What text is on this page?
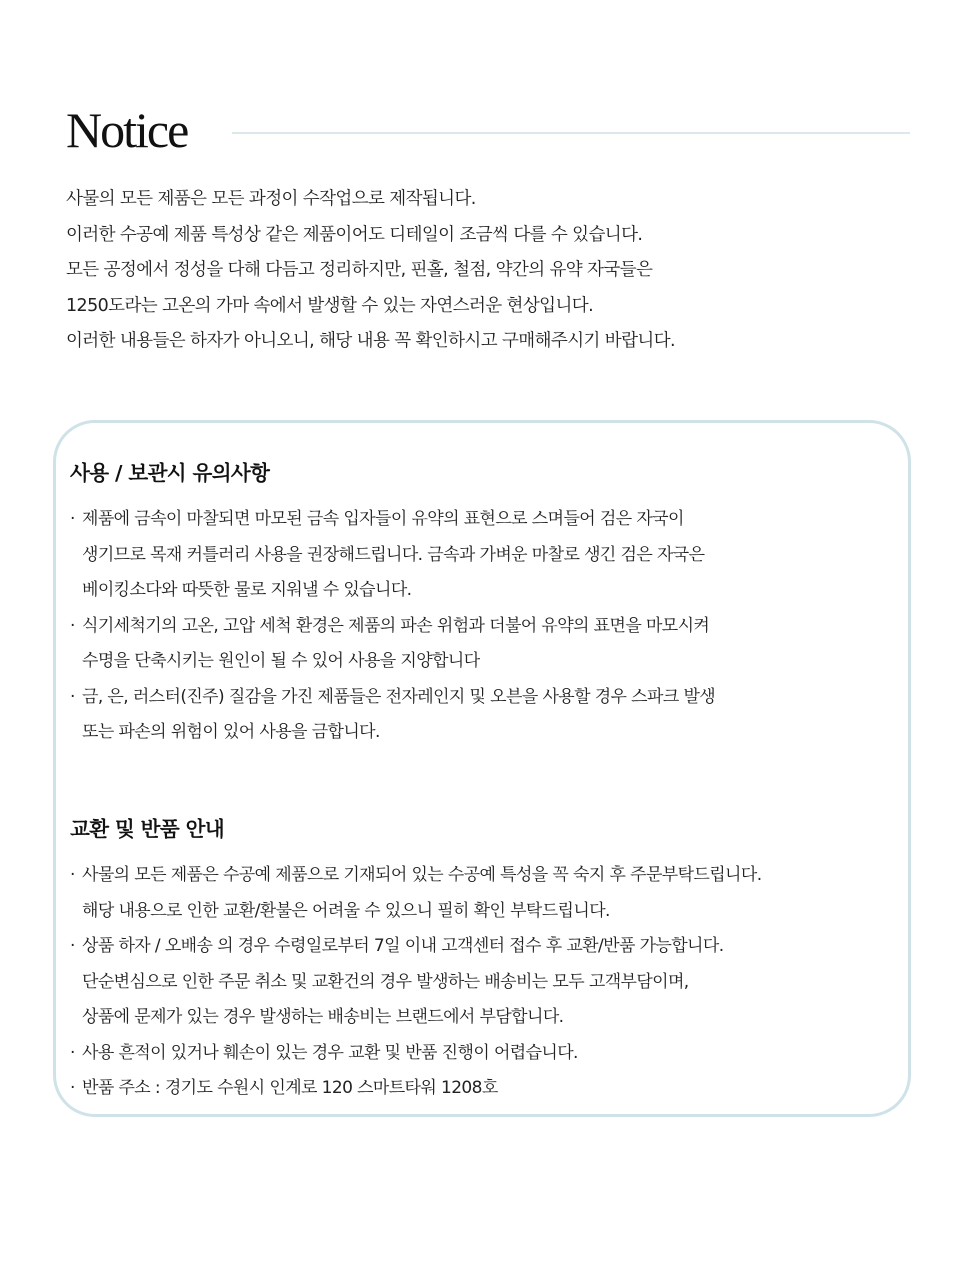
Notice
사물의 모든 제품은 모든 과정이 수작업으로 제작됩니다.
이러한 수공예 제품 특성상 같은 제품이어도 디테일이 조금씩 다를 수 있습니다.
모든 공정에서 정성을 다해 다듬고 정리하지만, 핀홀, 철점, 약간의 유약 자국들은
1250도라는 고온의 가마 속에서 발생할 수 있는 자연스러운 현상입니다.
이러한 내용들은 하자가 아니오니, 해당 내용 꼭 확인하시고 구매해주시기 바랍니다.
사용 / 보관시 유의사항
· 제품에 금속이 마찰되면 마모된 금속 입자들이 유약의 표현으로 스며들어 검은 자국이
생기므로 목재 커틀러리 사용을 권장해드립니다. 금속과 가벼운 마찰로 생긴 검은 자국은
베이킹소다와 따뜻한 물로 지워낼 수 있습니다.
· 식기세척기의 고온, 고압 세척 환경은 제품의 파손 위험과 더불어 유약의 표면을 마모시켜
수명을 단축시키는 원인이 될 수 있어 사용을 지양합니다
· 금, 은, 러스터(진주) 질감을 가진 제품들은 전자레인지 및 오븐을 사용할 경우 스파크 발생
또는 파손의 위험이 있어 사용을 금합니다.
교환 및 반품 안내
· 사물의 모든 제품은 수공예 제품으로 기재되어 있는 수공예 특성을 꼭 숙지 후 주문부탁드립니다.
해당 내용으로 인한 교환/환불은 어려울 수 있으니 필히 확인 부탁드립니다.
· 상품 하자 / 오배송 의 경우 수령일로부터 7일 이내 고객센터 접수 후 교환/반품 가능합니다.
단순변심으로 인한 주문 취소 및 교환건의 경우 발생하는 배송비는 모두 고객부담이며,
상품에 문제가 있는 경우 발생하는 배송비는 브랜드에서 부담합니다.
· 사용 흔적이 있거나 훼손이 있는 경우 교환 및 반품 진행이 어렵습니다.
· 반품 주소 : 경기도 수원시 인계로 120 스마트타워 1208호
